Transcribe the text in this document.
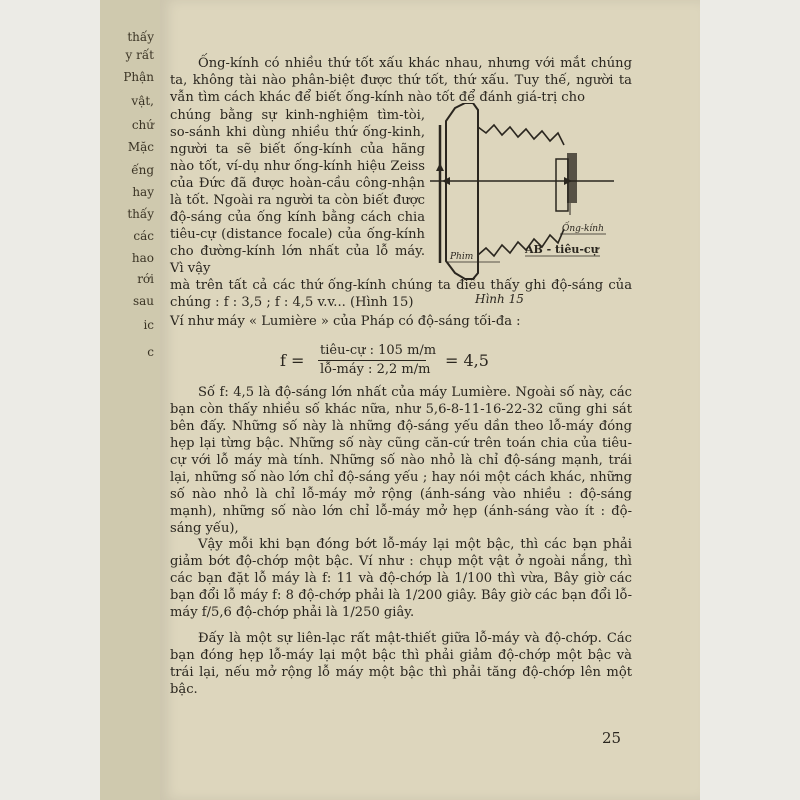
thấy
y rất
Phận
vật,
chứ
Mặc
ếng
hay
thấy
các
hao
rới
sau
ic
c

Ống-kính có nhiều thứ tốt xấu khác nhau, nhưng với mắt chúng ta, không tài nào phân-biệt được thứ tốt, thứ xấu. Tuy thế, người ta vẫn tìm cách khác để biết ống-kính nào tốt để đánh giá-trị cho

chúng bằng sự kinh-nghiệm tìm-tòi, so-sánh khi dùng nhiều thứ ống-kinh, người ta sẽ biết ống-kính của hãng nào tốt, ví-dụ như ống-kính hiệu Zeiss của Đức đã được hoàn-cầu công-nhận là tốt. Ngoài ra người ta còn biết được độ-sáng của ống kính bằng cách chia tiêu-cự (distance focale) của ống-kính cho đường-kính lớn nhất của lỗ máy. Vì vậy

mà trên tất cả các thứ ống-kính chúng ta điều thấy ghi độ-sáng của chúng : f : 3,5 ; f : 4,5 v.v... (Hình 15)

Ví như máy « Lumière » của Pháp có độ-sáng tối-đa :

f =
tiêu-cự : 105 m/m
lỗ-máy : 2,2 m/m = 4,5

Số f: 4,5 là độ-sáng lớn nhất của máy Lumière. Ngoài số này, các bạn còn thấy nhiều số khác nữa, như 5,6-8-11-16-22-32 cũng ghi sát bên đấy. Những số này là những độ-sáng yếu dần theo lỗ-máy đóng hẹp lại từng bậc. Những số này cũng căn-cứ trên toán chia của tiêu-cự với lỗ máy mà tính. Những số nào nhỏ là chỉ độ-sáng mạnh, trái lại, những số nào lớn chỉ độ-sáng yếu ; hay nói một cách khác, những số nào nhỏ là chỉ lỗ-máy mở rộng (ánh-sáng vào nhiều : độ-sáng mạnh), những số nào lớn chỉ lỗ-máy mở hẹp (ánh-sáng vào ít : độ-sáng yếu),

Vậy mỗi khi bạn đóng bớt lỗ-máy lại một bậc, thì các bạn phải giảm bớt độ-chớp một bậc. Ví như : chụp một vật ở ngoài nắng, thì các bạn đặt lỗ máy là f: 11 và độ-chớp là 1/100 thì vừa, Bây giờ các bạn đổi lỗ máy f: 8 độ-chớp phải là 1/200 giây. Bây giờ các bạn đổi lỗ-máy f/5,6 độ-chớp phải là 1/250 giây.

Đấy là một sự liên-lạc rất mật-thiết giữa lỗ-máy và độ-chớp. Các bạn đóng hẹp lỗ-máy lại một bậc thì phải giảm độ-chớp một bậc và trái lại, nếu mở rộng lỗ máy một bậc thì phải tăng độ-chớp lên một bậc.

Ống-kính
Phim
AB - tiêu-cự
Hình 15
25
